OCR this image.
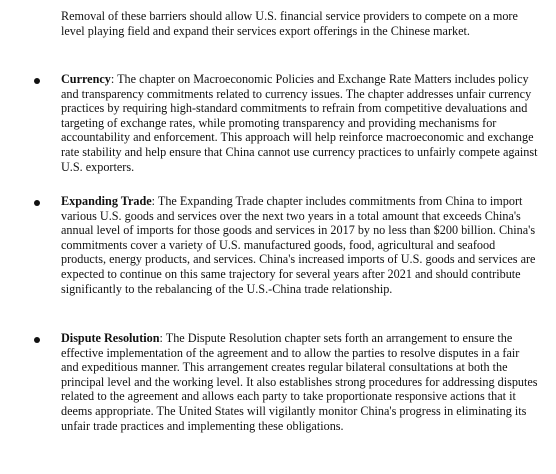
Removal of these barriers should allow U.S. financial service providers to compete on a more level playing field and expand their services export offerings in the Chinese market.

Currency: The chapter on Macroeconomic Policies and Exchange Rate Matters includes policy and transparency commitments related to currency issues. The chapter addresses unfair currency practices by requiring high-standard commitments to refrain from competitive devaluations and targeting of exchange rates, while promoting transparency and providing mechanisms for accountability and enforcement. This approach will help reinforce macroeconomic and exchange rate stability and help ensure that China cannot use currency practices to unfairly compete against U.S. exporters.

Expanding Trade: The Expanding Trade chapter includes commitments from China to import various U.S. goods and services over the next two years in a total amount that exceeds China's annual level of imports for those goods and services in 2017 by no less than $200 billion. China's commitments cover a variety of U.S. manufactured goods, food, agricultural and seafood products, energy products, and services. China's increased imports of U.S. goods and services are expected to continue on this same trajectory for several years after 2021 and should contribute significantly to the rebalancing of the U.S.-China trade relationship.

Dispute Resolution: The Dispute Resolution chapter sets forth an arrangement to ensure the effective implementation of the agreement and to allow the parties to resolve disputes in a fair and expeditious manner. This arrangement creates regular bilateral consultations at both the principal level and the working level. It also establishes strong procedures for addressing disputes related to the agreement and allows each party to take proportionate responsive actions that it deems appropriate. The United States will vigilantly monitor China's progress in eliminating its unfair trade practices and implementing these obligations.
